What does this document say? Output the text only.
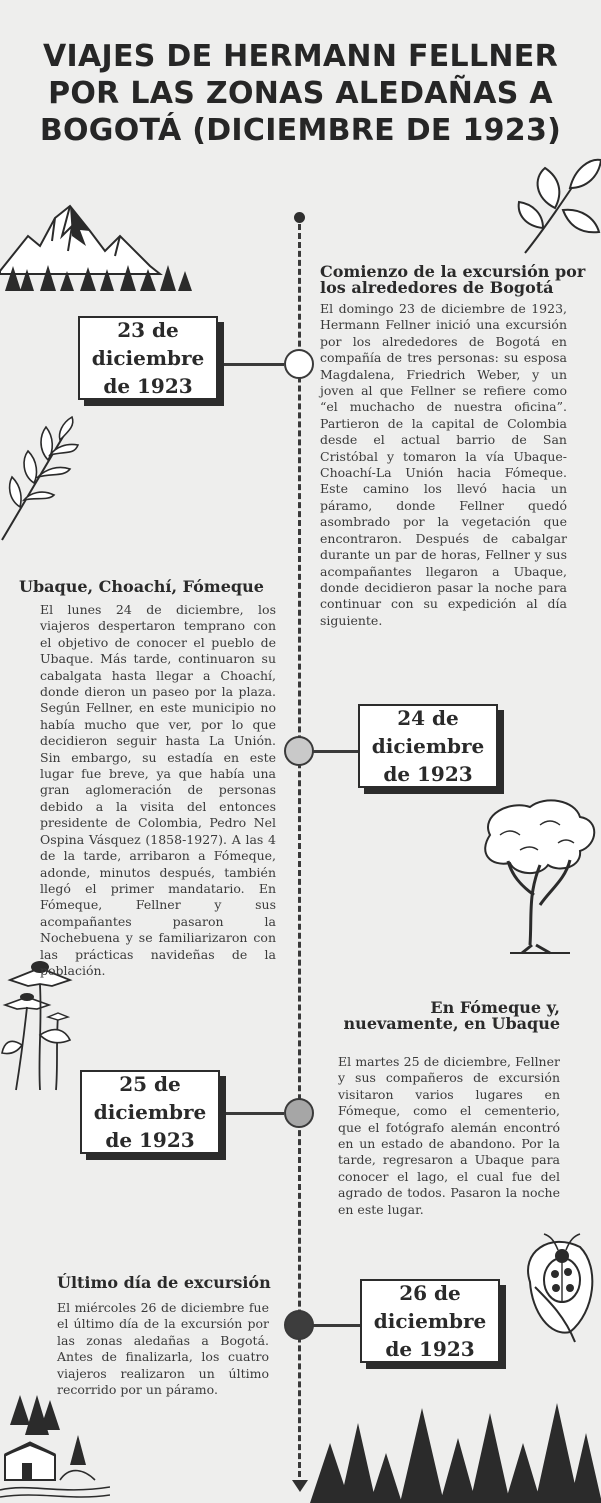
VIAJES DE HERMANN FELLNER POR LAS ZONAS ALEDAÑAS A BOGOTÁ (DICIEMBRE DE 1923)
23 de diciembre de 1923
Comienzo de la excursión por los alrededores de Bogotá

El domingo 23 de diciembre de 1923, Hermann Fellner inició una excursión por los alrededores de Bogotá en compañía de tres personas: su esposa Magdalena, Friedrich Weber, y un joven al que Fellner se refiere como “el muchacho de nuestra oficina”. Partieron de la capital de Colombia desde el actual barrio de San Cristóbal y tomaron la vía Ubaque-Choachí-La Unión hacia Fómeque. Este camino los llevó hacia un páramo, donde Fellner quedó asombrado por la vegetación que encontraron. Después de cabalgar durante un par de horas, Fellner y sus acompañantes llegaron a Ubaque, donde decidieron pasar la noche para continuar con su expedición al día siguiente.

24 de diciembre de 1923
Ubaque, Choachí, Fómeque

El lunes 24 de diciembre, los viajeros despertaron temprano con el objetivo de conocer el pueblo de Ubaque. Más tarde, continuaron su cabalgata hasta llegar a Choachí, donde dieron un paseo por la plaza. Según Fellner, en este municipio no había mucho que ver, por lo que decidieron seguir hasta La Unión. Sin embargo, su estadía en este lugar fue breve, ya que había una gran aglomeración de personas debido a la visita del entonces presidente de Colombia, Pedro Nel Ospina Vásquez (1858-1927). A las 4 de la tarde, arribaron a Fómeque, adonde, minutos después, también llegó el primer mandatario. En Fómeque, Fellner y sus acompañantes pasaron la Nochebuena y se familiarizaron con las prácticas navideñas de la población.

25 de diciembre de 1923
En Fómeque y, nuevamente, en Ubaque

El martes 25 de diciembre, Fellner y sus compañeros de excursión visitaron varios lugares en Fómeque, como el cementerio, que el fotógrafo alemán encontró en un estado de abandono. Por la tarde, regresaron a Ubaque para conocer el lago, el cual fue del agrado de todos. Pasaron la noche en este lugar.

26 de diciembre de 1923
Último día de excursión

El miércoles 26 de diciembre fue el último día de la excursión por las zonas aledañas a Bogotá. Antes de finalizarla, los cuatro viajeros realizaron un último recorrido por un páramo.
